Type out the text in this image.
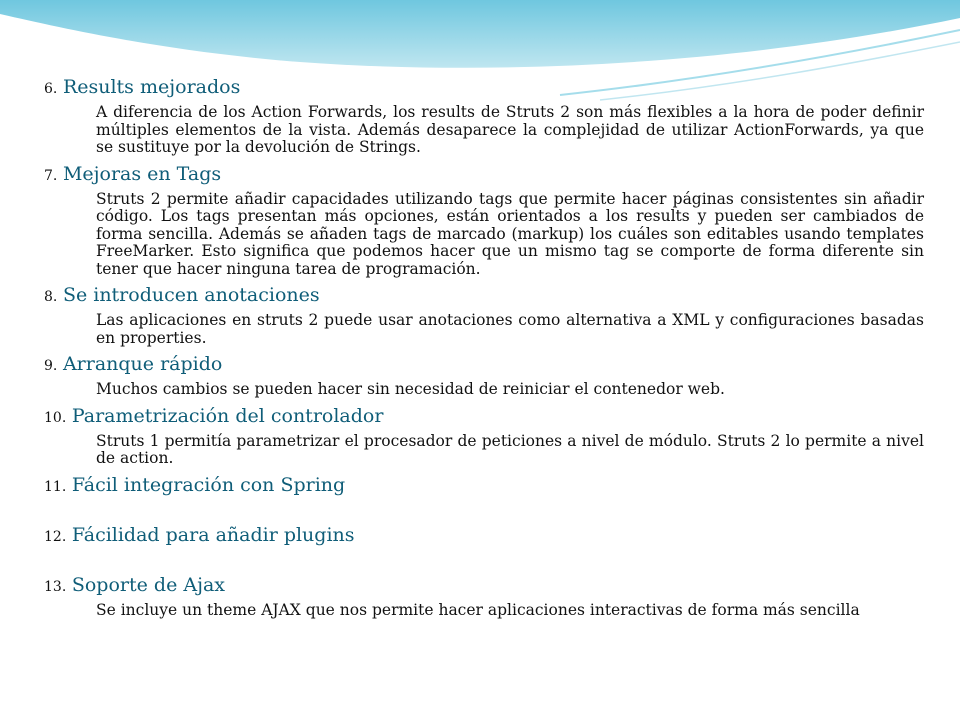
6. Results mejorados

A diferencia de los Action Forwards, los results de Struts 2 son más flexibles a la hora de poder definir múltiples elementos de la vista. Además desaparece la complejidad de utilizar ActionForwards, ya que se sustituye por la devolución de Strings.

7. Mejoras en Tags

Struts 2 permite añadir capacidades utilizando tags que permite hacer páginas consistentes sin añadir código. Los tags presentan más opciones, están orientados a los results y pueden ser cambiados de forma sencilla. Además se añaden tags de marcado (markup) los cuáles son editables usando templates FreeMarker. Esto significa que podemos hacer que un mismo tag se comporte de forma diferente sin tener que hacer ninguna tarea de programación.

8. Se introducen anotaciones

Las aplicaciones en struts 2 puede usar anotaciones como alternativa a XML y configuraciones basadas en properties.

9. Arranque rápido

Muchos cambios se pueden hacer sin necesidad de reiniciar el contenedor web.

10. Parametrización del controlador

Struts 1 permitía parametrizar el procesador de peticiones a nivel de módulo. Struts 2 lo permite a nivel de action.

11. Fácil integración con Spring

12. Fácilidad para añadir plugins

13. Soporte de Ajax

Se incluye un theme AJAX que nos permite hacer aplicaciones interactivas de forma más sencilla
